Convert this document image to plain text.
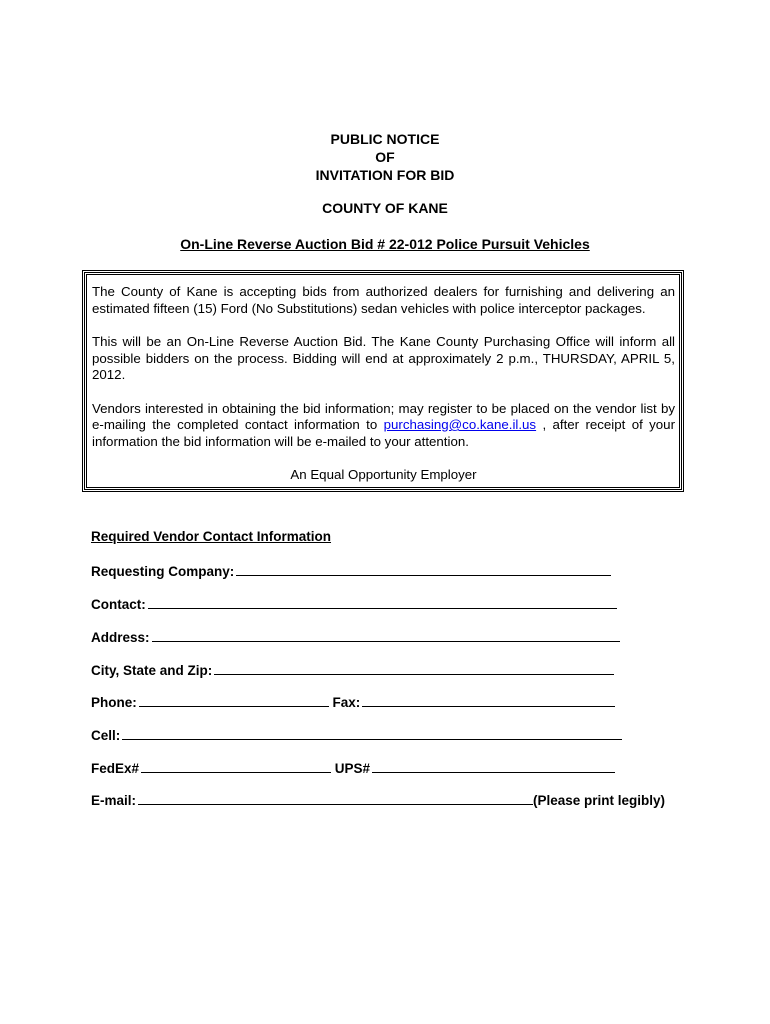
PUBLIC NOTICE
OF
INVITATION FOR BID
COUNTY OF KANE
On-Line Reverse Auction Bid # 22-012 Police Pursuit Vehicles

The County of Kane is accepting bids from authorized dealers for furnishing and delivering an estimated fifteen (15) Ford (No Substitutions) sedan vehicles with police interceptor packages.

This will be an On-Line Reverse Auction Bid. The Kane County Purchasing Office will inform all possible bidders on the process. Bidding will end at approximately 2 p.m., THURSDAY, APRIL 5, 2012.

Vendors interested in obtaining the bid information; may register to be placed on the vendor list by e-mailing the completed contact information to purchasing@co.kane.il.us , after receipt of your information the bid information will be e-mailed to your attention.

An Equal Opportunity Employer
Required Vendor Contact Information
Requesting Company:
Contact:
Address:
City, State and Zip:
Phone:	Fax:
Cell:
FedEx#	UPS#
E-mail:	(Please print legibly)
